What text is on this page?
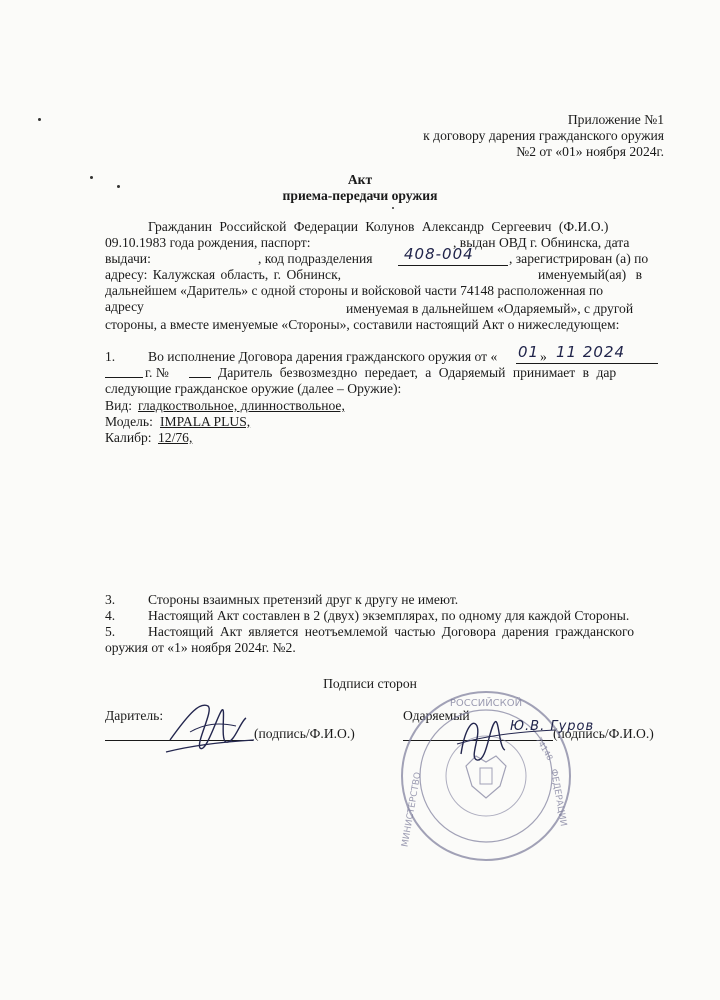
Приложение №1
к договору дарения гражданского оружия
№2 от «01» ноября 2024г.
Акт
приема-передачи оружия
Гражданин Российской Федерации Колунов Александр Сергеевич (Ф.И.О.)
09.10.1983 года рождения, паспорт:	, выдан ОВД г. Обнинска, дата
выдачи:	, код подразделения 408-004	, зарегистрирован (а) по
адресу: Калужская область, г. Обнинск,	именуемый(ая) в
дальнейшем «Даритель» с одной стороны и войсковой части 74148 расположенная по
адресу	именуемая в дальнейшем «Одаряемый», с другой
стороны, а вместе именуемые «Стороны», составили настоящий Акт о нижеследующем:
1. Во исполнение Договора дарения гражданского оружия от « 01 » 11 2024
г. №	Даритель безвозмездно передает, а Одаряемый принимает в дар
следующие гражданское оружие (далее – Оружие):
Вид: гладкоствольное, длинноствольное,
Модель: IMPALA PLUS,
Калибр: 12/76,
3. Стороны взаимных претензий друг к другу не имеют.
4. Настоящий Акт составлен в 2 (двух) экземплярах, по одному для каждой Стороны.
5. Настоящий Акт является неотъемлемой частью Договора дарения гражданского
оружия от «1» ноября 2024г. №2.
Подписи сторон
Даритель:
(подпись/Ф.И.О.)
Одаряемый
(подпись/Ф.И.О.)
РОССИЙСКОЙ
ФЕДЕРАЦИИ
МИНИСТЕРСТВО
74148
Ю.В. Гуров
